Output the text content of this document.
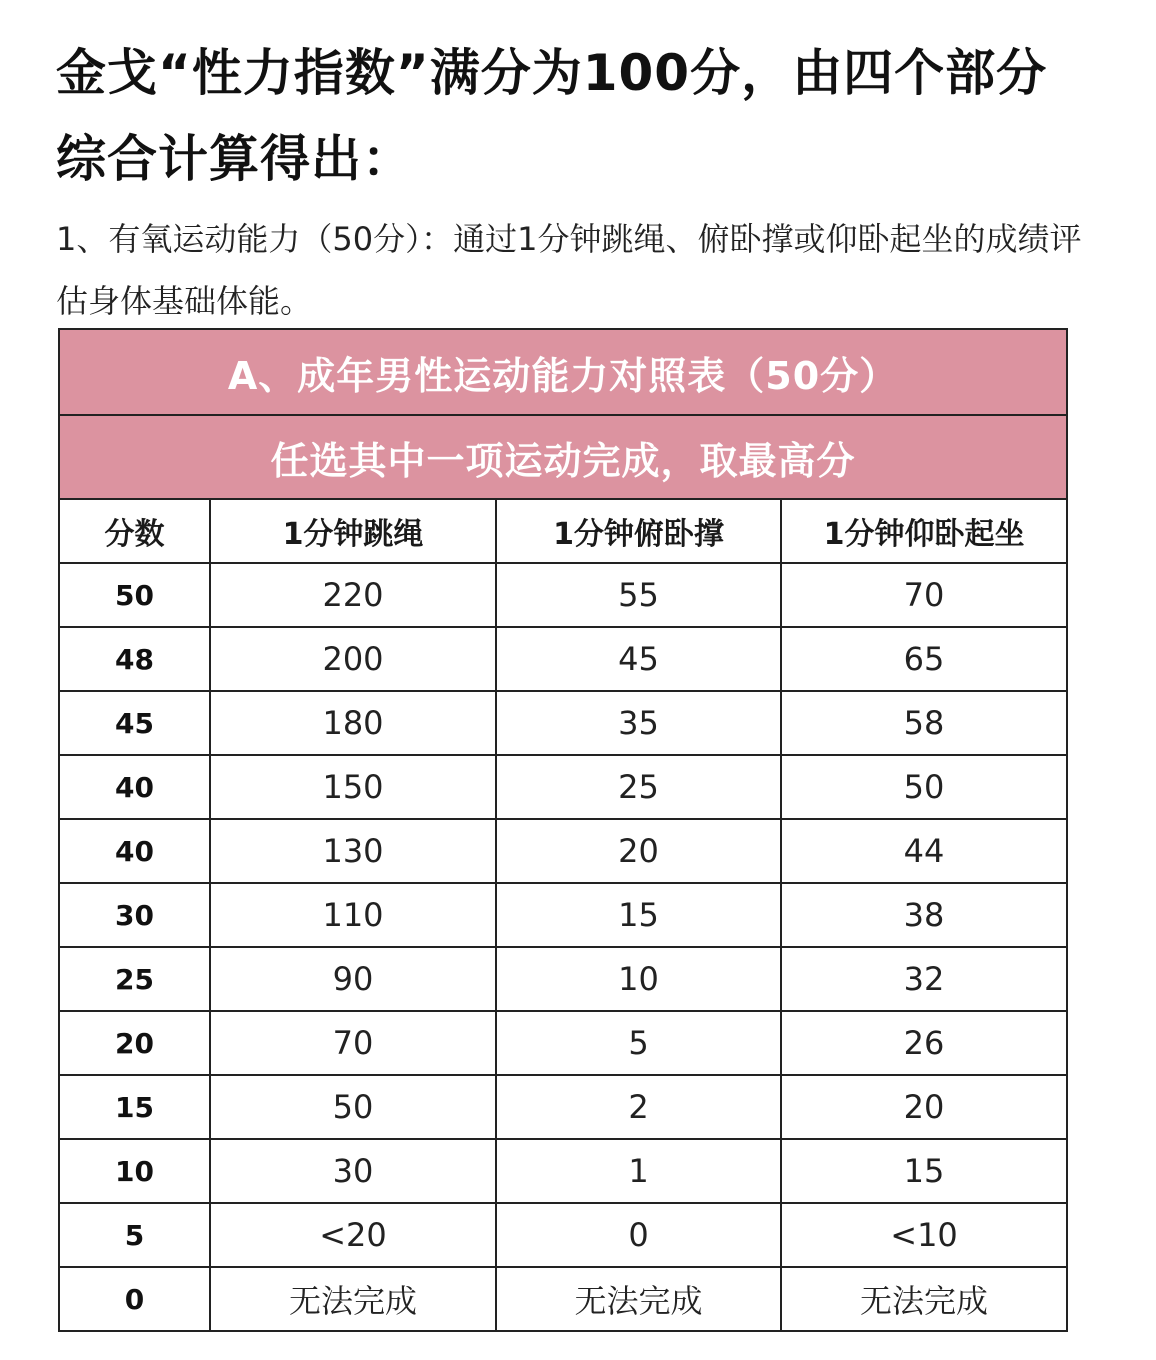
金戈“性力指数”满分为100分，由四个部分综合计算得出：

1、有氧运动能力（50分）：通过1分钟跳绳、俯卧撑或仰卧起坐的成绩评估身体基础体能。

A、成年男性运动能力对照表（50分）			
任选其中一项运动完成，取最高分			
分数	1分钟跳绳	1分钟俯卧撑	1分钟仰卧起坐
50	220	55	70
48	200	45	65
45	180	35	58
40	150	25	50
40	130	20	44
30	110	15	38
25	90	10	32
20	70	5	26
15	50	2	20
10	30	1	15
5	<20	0	<10
0	无法完成	无法完成	无法完成
